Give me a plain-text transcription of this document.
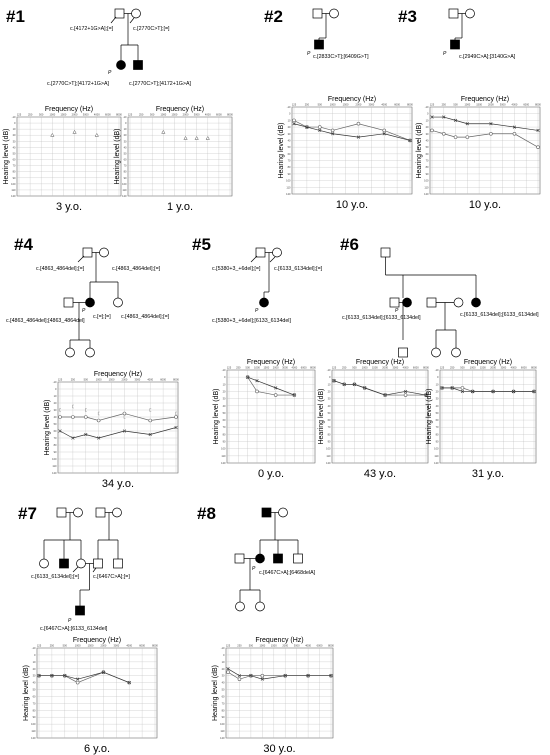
#1
P
c.[4172+1G>A];[=]	c.[2770C>T];[=]
c.[2770C>T];[4172+1G>A]	c.[2770C>T];[4172+1G>A]
-10
0
10
20
30
40
50
60
70
80
90
100
110
120
125	250	500 1000 1500 2000 3000 4000 6000 8000
Frequency (Hz)
Hearing level (dB)
3 y.o.
-10
0
10
20
30
40
50
60
70
80
90
100
110
120
125	250	500 1000 1500 2000 3000 4000 6000 8000
Frequency (Hz)
Hearing level (dB)
1 y.o.
#2
P c.[2833C>T];[6409G>T]
-10
0
10
20
30
40
50
60
70
80
90
100
110
120
125	250	500	1000	1500	2000	3000	4000	6000	8000
Frequency (Hz)
Hearing level (dB)
10 y.o.
#3
P c.[2949C>A];[3140G>A]
-10
0
10
20
30
40
50
60
70
80
90
100
110
120
125	250	500	1000 1500 2000 3000 4000 6000 8000
Frequency (Hz)
Hearing level (dB)
10 y.o.
#4
P
c.[4863_4864del];[=]	c.[4863_4864del];[=]
c.[4863_4864del];[4863_4864del]
c.[=];[=] c.[4863_4864del];[=]
-10
0
10
20
30
40
50
60
70
80
90
100
110
120
125	250	500	1000	1500	2000	3000	4000	6000	8000
Frequency (Hz)
Hearing level (dB)
34 y.o.
#5
P
c.[5380+3_+6del];[=]	c.[6133_6134del];[=]
c.[5380+3_+6del];[6133_6134del]
-10
0
10
20
30
40
50
60
70
80
90
100
110
120
125 250 500 1000 1500 2000 3000 4000 6000 8000
Frequency (Hz)
Hearing level (dB)
0 y.o.
#6
P
c.[6133_6134del];[6133_6134del]	c.[6133_6134del];[6133_6134del]
-10
0
10
20
30
40
50
60
70
80
90
100
110
120
125 250 500 1000 1500 2000 3000 4000 6000 8000
Frequency (Hz)
Hearing level (dB)
43 y.o.
-10
0
10
20
30
40
50
60
70
80
90
100
110
120
125 250 500 1000 1500 2000 3000 4000 6000 8000
Frequency (Hz)
Hearing level (dB)
31 y.o.
#7
P
c.[6133_6134del];[=]	c.[6467C>A];[=]
c.[6467C>A];[6133_6134del]
-10
0
10
20
30
40
50
60
70
80
90
100
110
120
125	250	500	1000	1500	2000	3000	4000	6000	8000
Frequency (Hz)
Hearing level (dB)
6 y.o.
#8
P
c.[6467C>A];[6468delA]
-10
0
10
20
30
40
50
60
70
80
90
100
110
120
125	250	500 1000 1500 2000 3000 4000 6000 8000
Frequency (Hz)
Hearing level (dB)
30 y.o.
